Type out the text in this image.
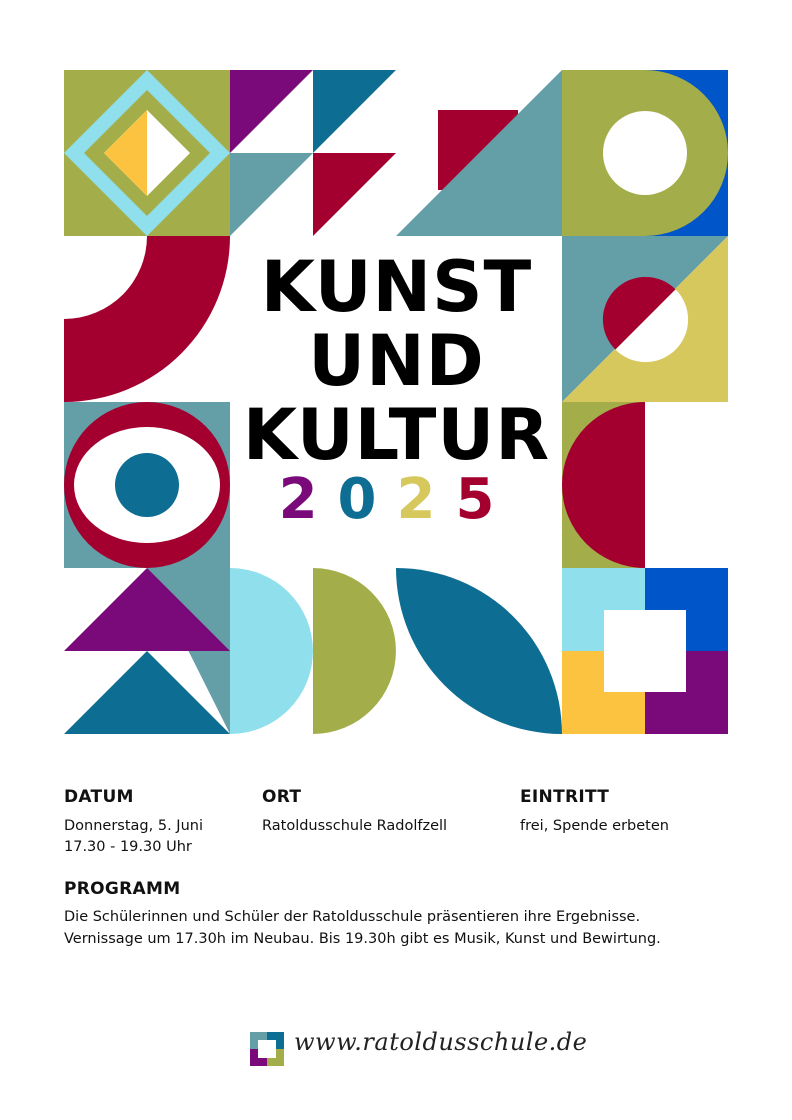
KUNST
UND
KULTUR
2025
DATUM
Donnerstag, 5. Juni
17.30 - 19.30 Uhr
ORT
Ratoldusschule Radolfzell
EINTRITT
frei, Spende erbeten
PROGRAMM
Die Schülerinnen und Schüler der Ratoldusschule präsentieren ihre Ergebnisse.
Vernissage um 17.30h im Neubau. Bis 19.30h gibt es Musik, Kunst und Bewirtung.
www.ratoldusschule.de
